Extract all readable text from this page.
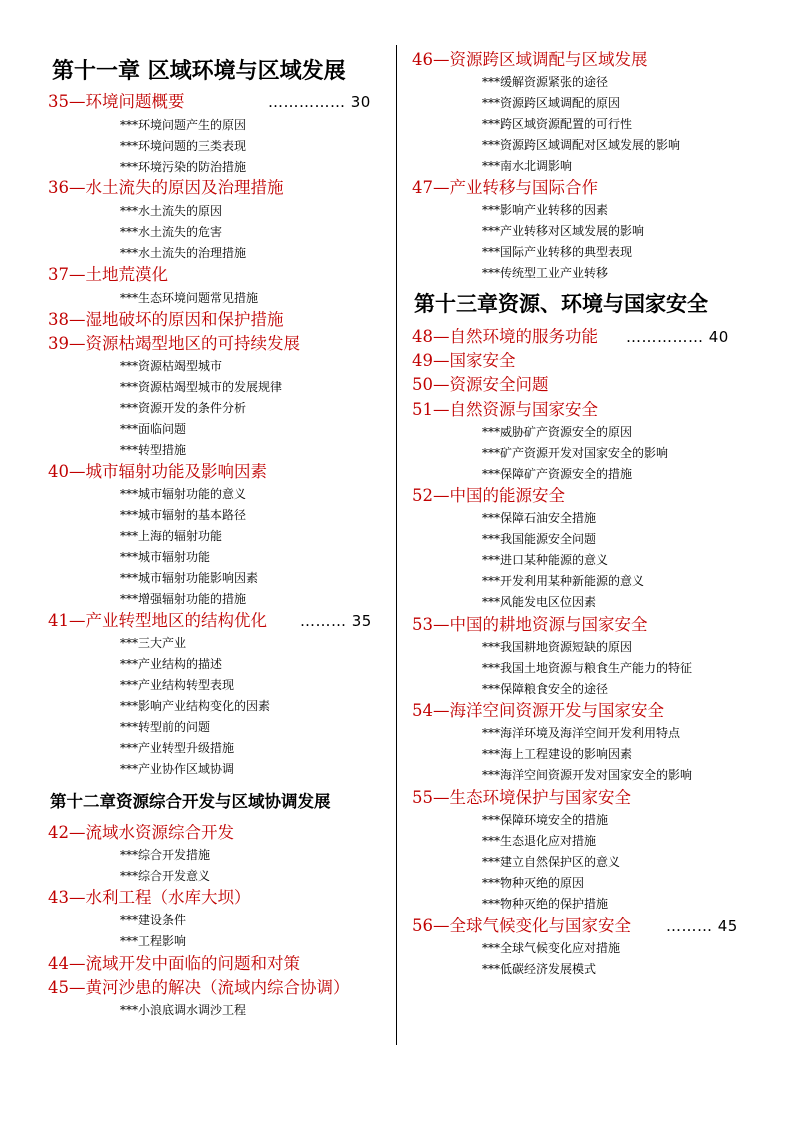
第十一章 区域环境与区域发展
35—环境问题概要	…………… 30
***环境问题产生的原因
***环境问题的三类表现
***环境污染的防治措施
36—水土流失的原因及治理措施
***水土流失的原因
***水土流失的危害
***水土流失的治理措施
37—土地荒漠化
***生态环境问题常见措施
38—湿地破坏的原因和保护措施
39—资源枯竭型地区的可持续发展
***资源枯竭型城市
***资源枯竭型城市的发展规律
***资源开发的条件分析
***面临问题
***转型措施
40—城市辐射功能及影响因素
***城市辐射功能的意义
***城市辐射的基本路径
***上海的辐射功能
***城市辐射功能
***城市辐射功能影响因素
***增强辐射功能的措施
41—产业转型地区的结构优化 ……… 35
***三大产业
***产业结构的描述
***产业结构转型表现
***影响产业结构变化的因素
***转型前的问题
***产业转型升级措施
***产业协作区域协调
第十二章资源综合开发与区域协调发展
42—流域水资源综合开发
***综合开发措施
***综合开发意义
43—水利工程（水库大坝）
***建设条件
***工程影响
44—流域开发中面临的问题和对策
45—黄河沙患的解决（流域内综合协调）
***小浪底调水调沙工程
46—资源跨区域调配与区域发展
***缓解资源紧张的途径
***资源跨区域调配的原因
***跨区域资源配置的可行性
***资源跨区域调配对区域发展的影响
***南水北调影响
47—产业转移与国际合作
***影响产业转移的因素
***产业转移对区域发展的影响
***国际产业转移的典型表现
***传统型工业产业转移
第十三章资源、环境与国家安全
48—自然环境的服务功能 …………… 40
49—国家安全
50—资源安全问题
51—自然资源与国家安全
***威胁矿产资源安全的原因
***矿产资源开发对国家安全的影响
***保障矿产资源安全的措施
52—中国的能源安全
***保障石油安全措施
***我国能源安全问题
***进口某种能源的意义
***开发利用某种新能源的意义
***风能发电区位因素
53—中国的耕地资源与国家安全
***我国耕地资源短缺的原因
***我国土地资源与粮食生产能力的特征
***保障粮食安全的途径
54—海洋空间资源开发与国家安全
***海洋环境及海洋空间开发利用特点
***海上工程建设的影响因素
***海洋空间资源开发对国家安全的影响
55—生态环境保护与国家安全
***保障环境安全的措施
***生态退化应对措施
***建立自然保护区的意义
***物种灭绝的原因
***物种灭绝的保护措施
56—全球气候变化与国家安全 ……… 45
***全球气候变化应对措施
***低碳经济发展模式
